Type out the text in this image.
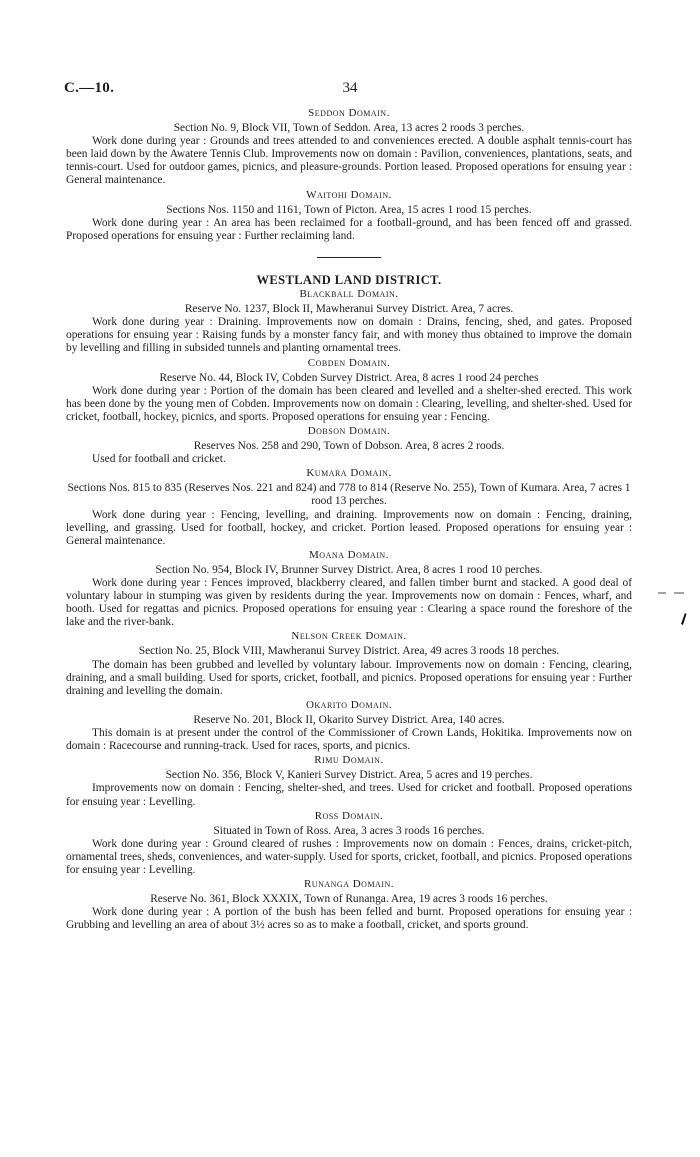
C.—10.	34
Seddon Domain.

Section No. 9, Block VII, Town of Seddon. Area, 13 acres 2 roods 3 perches.

Work done during year : Grounds and trees attended to and conveniences erected. A double asphalt tennis-court has been laid down by the Awatere Tennis Club. Improvements now on domain : Pavilion, conveniences, plantations, seats, and tennis-court. Used for outdoor games, picnics, and pleasure-grounds. Portion leased. Proposed operations for ensuing year : General maintenance.

Waitohi Domain.

Sections Nos. 1150 and 1161, Town of Picton. Area, 15 acres 1 rood 15 perches.

Work done during year : An area has been reclaimed for a football-ground, and has been fenced off and grassed. Proposed operations for ensuing year : Further reclaiming land.

WESTLAND LAND DISTRICT.
Blackball Domain.

Reserve No. 1237, Block II, Mawheranui Survey District. Area, 7 acres.

Work done during year : Draining. Improvements now on domain : Drains, fencing, shed, and gates. Proposed operations for ensuing year : Raising funds by a monster fancy fair, and with money thus obtained to improve the domain by levelling and filling in subsided tunnels and planting ornamental trees.

Cobden Domain.

Reserve No. 44, Block IV, Cobden Survey District. Area, 8 acres 1 rood 24 perches

Work done during year : Portion of the domain has been cleared and levelled and a shelter-shed erected. This work has been done by the young men of Cobden. Improvements now on domain : Clearing, levelling, and shelter-shed. Used for cricket, football, hockey, picnics, and sports. Proposed operations for ensuing year : Fencing.

Dobson Domain.

Reserves Nos. 258 and 290, Town of Dobson. Area, 8 acres 2 roods.

Used for football and cricket.

Kumara Domain.

Sections Nos. 815 to 835 (Reserves Nos. 221 and 824) and 778 to 814 (Reserve No. 255), Town of Kumara. Area, 7 acres 1 rood 13 perches.

Work done during year : Fencing, levelling, and draining. Improvements now on domain : Fencing, draining, levelling, and grassing. Used for football, hockey, and cricket. Portion leased. Proposed operations for ensuing year : General maintenance.

Moana Domain.

Section No. 954, Block IV, Brunner Survey District. Area, 8 acres 1 rood 10 perches.

Work done during year : Fences improved, blackberry cleared, and fallen timber burnt and stacked. A good deal of voluntary labour in stumping was given by residents during the year. Improvements now on domain : Fences, wharf, and booth. Used for regattas and picnics. Proposed operations for ensuing year : Clearing a space round the foreshore of the lake and the river-bank.

Nelson Creek Domain.

Section No. 25, Block VIII, Mawheranui Survey District. Area, 49 acres 3 roods 18 perches.

The domain has been grubbed and levelled by voluntary labour. Improvements now on domain : Fencing, clearing, draining, and a small building. Used for sports, cricket, football, and picnics. Proposed operations for ensuing year : Further draining and levelling the domain.

Okarito Domain.

Reserve No. 201, Block II, Okarito Survey District. Area, 140 acres.

This domain is at present under the control of the Commissioner of Crown Lands, Hokitika. Improvements now on domain : Racecourse and running-track. Used for races, sports, and picnics.

Rimu Domain.

Section No. 356, Block V, Kanieri Survey District. Area, 5 acres and 19 perches.

Improvements now on domain : Fencing, shelter-shed, and trees. Used for cricket and football. Proposed operations for ensuing year : Levelling.

Ross Domain.

Situated in Town of Ross. Area, 3 acres 3 roods 16 perches.

Work done during year : Ground cleared of rushes : Improvements now on domain : Fences, drains, cricket-pitch, ornamental trees, sheds, conveniences, and water-supply. Used for sports, cricket, football, and picnics. Proposed operations for ensuing year : Levelling.

Runanga Domain.

Reserve No. 361, Block XXXIX, Town of Runanga. Area, 19 acres 3 roods 16 perches.

Work done during year : A portion of the bush has been felled and burnt. Proposed operations for ensuing year : Grubbing and levelling an area of about 3½ acres so as to make a football, cricket, and sports ground.
